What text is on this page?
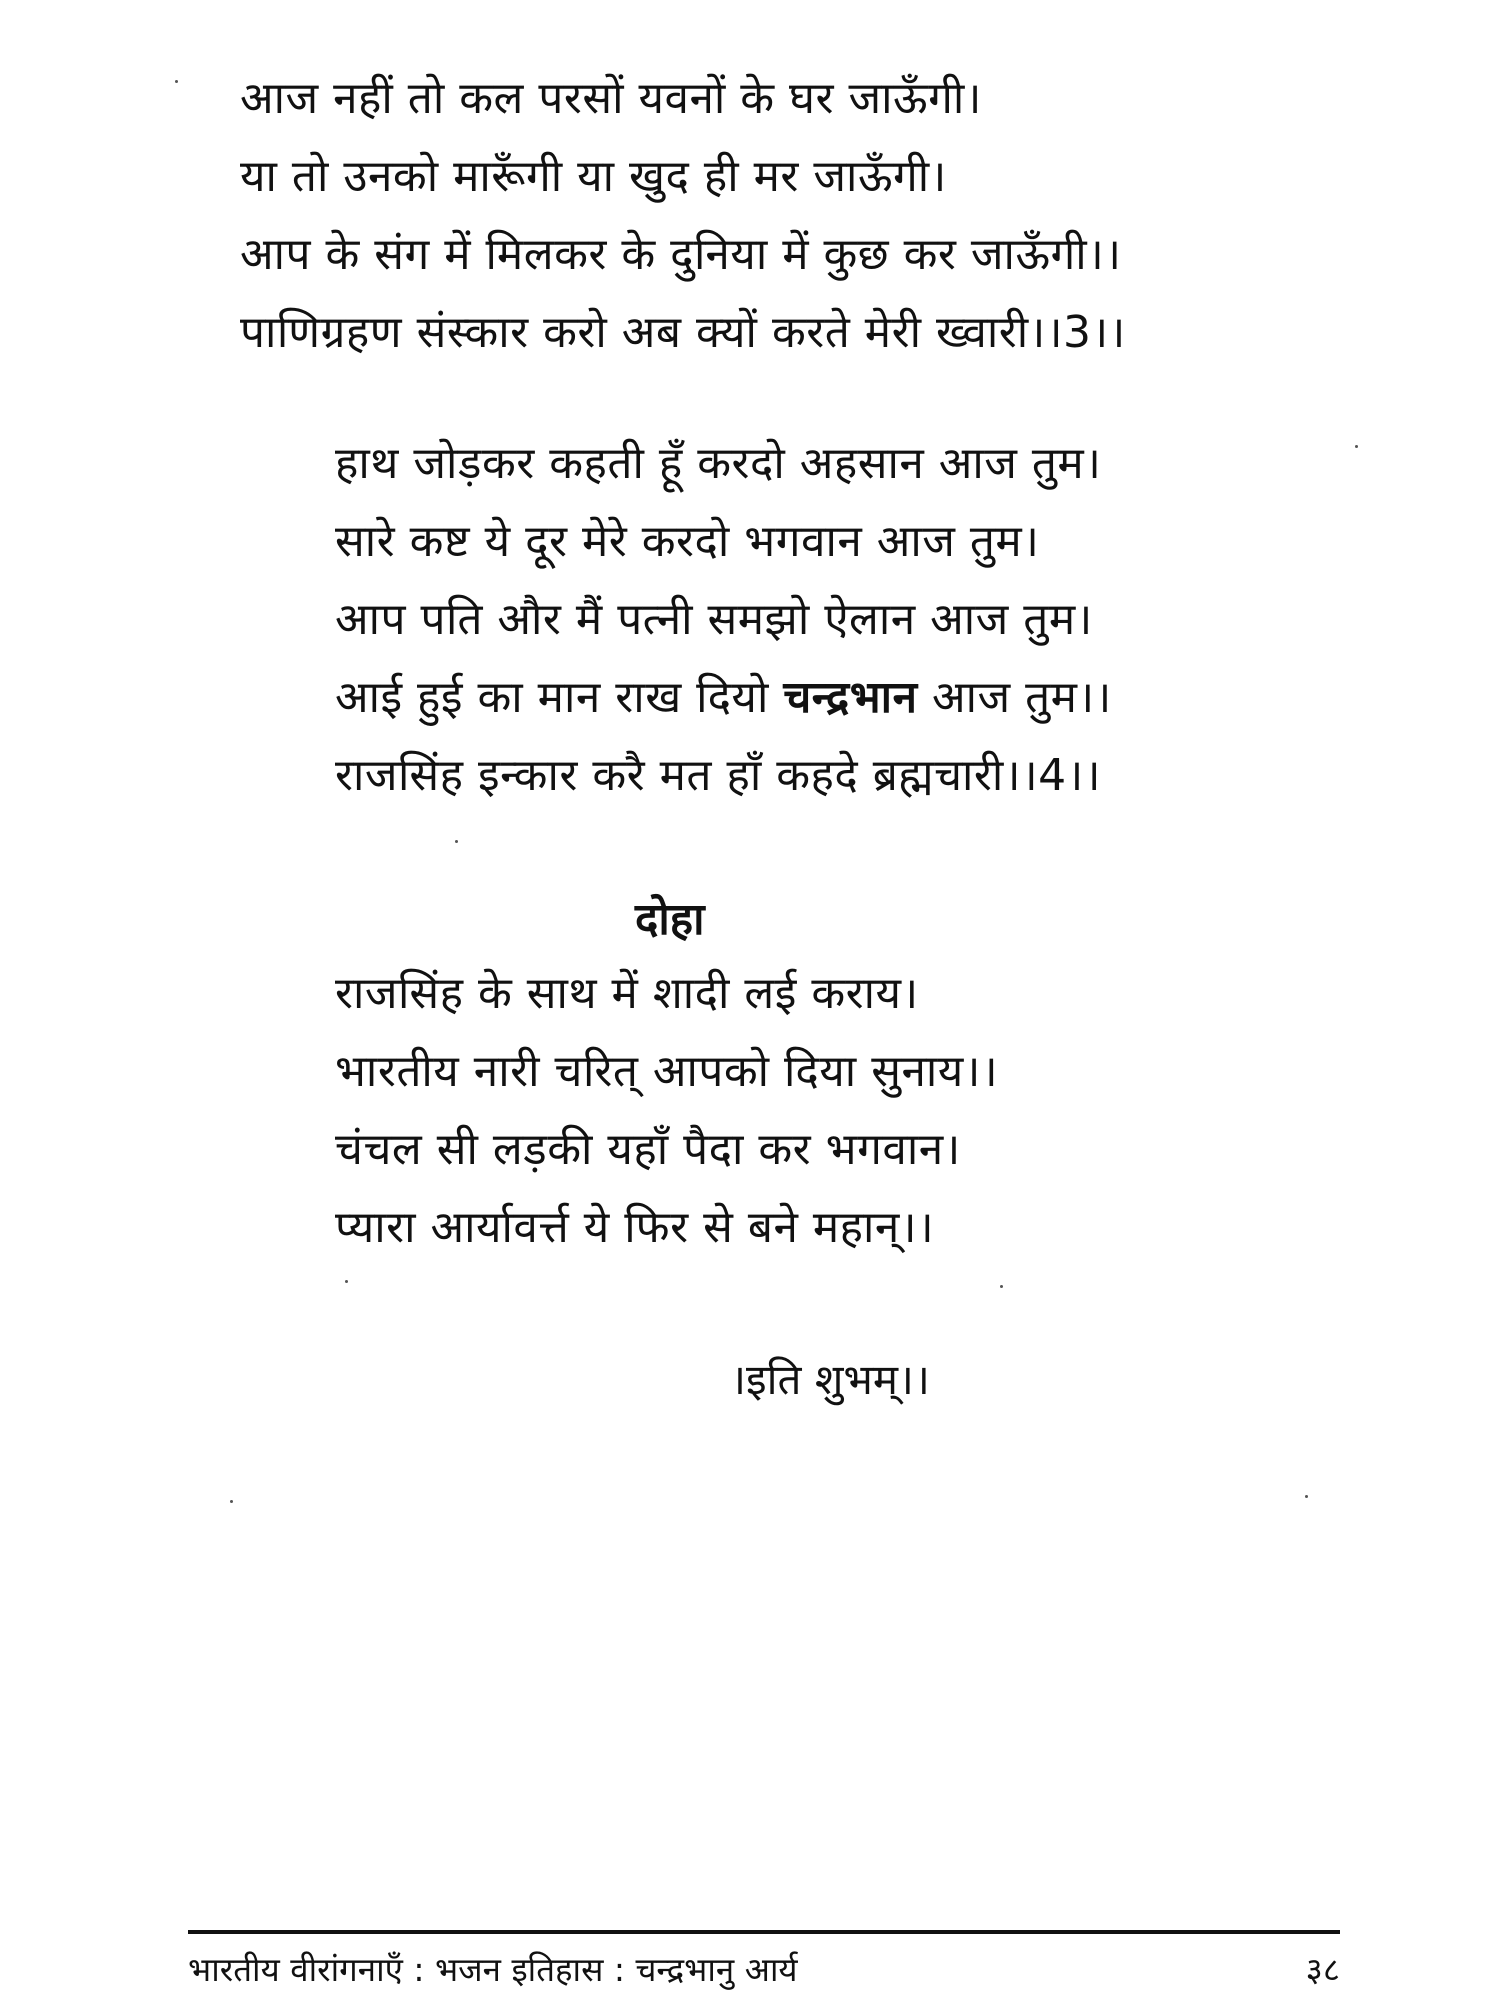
आज नहीं तो कल परसों यवनों के घर जाऊँगी।
या तो उनको मारूँगी या खुद ही मर जाऊँगी।
आप के संग में मिलकर के दुनिया में कुछ कर जाऊँगी।।
पाणिग्रहण संस्कार करो अब क्यों करते मेरी ख्वारी।।3।।
हाथ जोड़कर कहती हूँ करदो अहसान आज तुम।
सारे कष्ट ये दूर मेरे करदो भगवान आज तुम।
आप पति और मैं पत्नी समझो ऐलान आज तुम।
आई हुई का मान राख दियो चन्द्रभान आज तुम।।
राजसिंह इन्कार करै मत हाँ कहदे ब्रह्मचारी।।4।।
दोहा
राजसिंह के साथ में शादी लई कराय।
भारतीय नारी चरित् आपको दिया सुनाय।।
चंचल सी लड़की यहाँ पैदा कर भगवान।
प्यारा आर्यावर्त्त ये फिर से बने महान्।।
।इति शुभम्।।
भारतीय वीरांगनाएँ : भजन इतिहास : चन्द्रभानु आर्य	३८
